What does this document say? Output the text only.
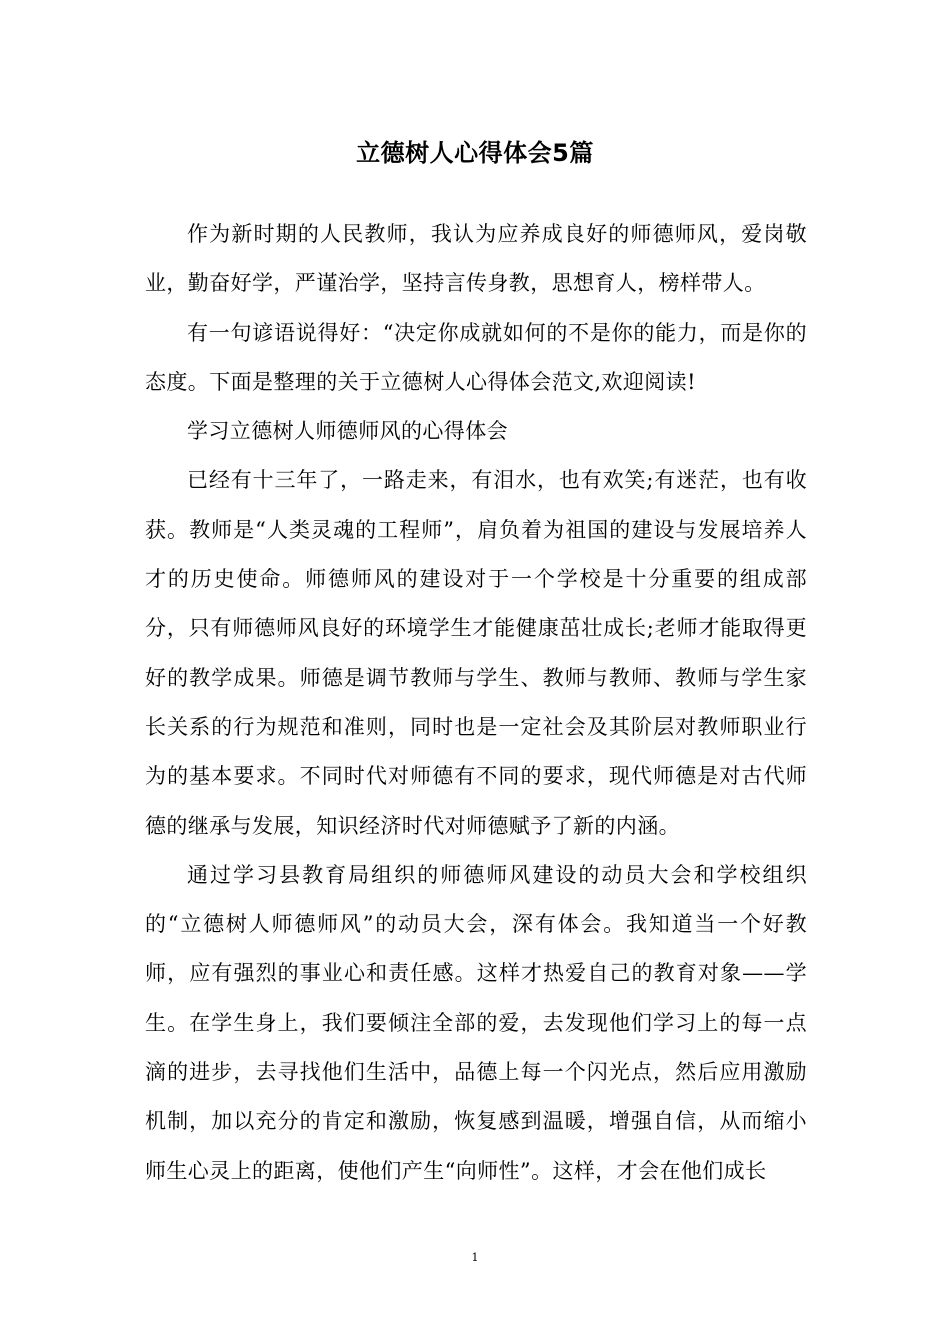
立德树人心得体会5篇

作为新时期的人民教师，我认为应养成良好的师德师风，爱岗敬业，勤奋好学，严谨治学，坚持言传身教，思想育人，榜样带人。

有一句谚语说得好：“决定你成就如何的不是你的能力，而是你的态度。下面是整理的关于立德树人心得体会范文,欢迎阅读!

学习立德树人师德师风的心得体会

已经有十三年了，一路走来，有泪水，也有欢笑;有迷茫，也有收获。教师是“人类灵魂的工程师”，肩负着为祖国的建设与发展培养人才的历史使命。师德师风的建设对于一个学校是十分重要的组成部分，只有师德师风良好的环境学生才能健康茁壮成长;老师才能取得更好的教学成果。师德是调节教师与学生、教师与教师、教师与学生家长关系的行为规范和准则，同时也是一定社会及其阶层对教师职业行为的基本要求。不同时代对师德有不同的要求，现代师德是对古代师德的继承与发展，知识经济时代对师德赋予了新的内涵。

通过学习县教育局组织的师德师风建设的动员大会和学校组织的“立德树人师德师风”的动员大会，深有体会。我知道当一个好教师，应有强烈的事业心和责任感。这样才热爱自己的教育对象——学生。在学生身上，我们要倾注全部的爱，去发现他们学习上的每一点滴的进步，去寻找他们生活中，品德上每一个闪光点，然后应用激励机制，加以充分的肯定和激励，恢复感到温暖，增强自信，从而缩小师生心灵上的距离，使他们产生“向师性”。这样，才会在他们成长

1
